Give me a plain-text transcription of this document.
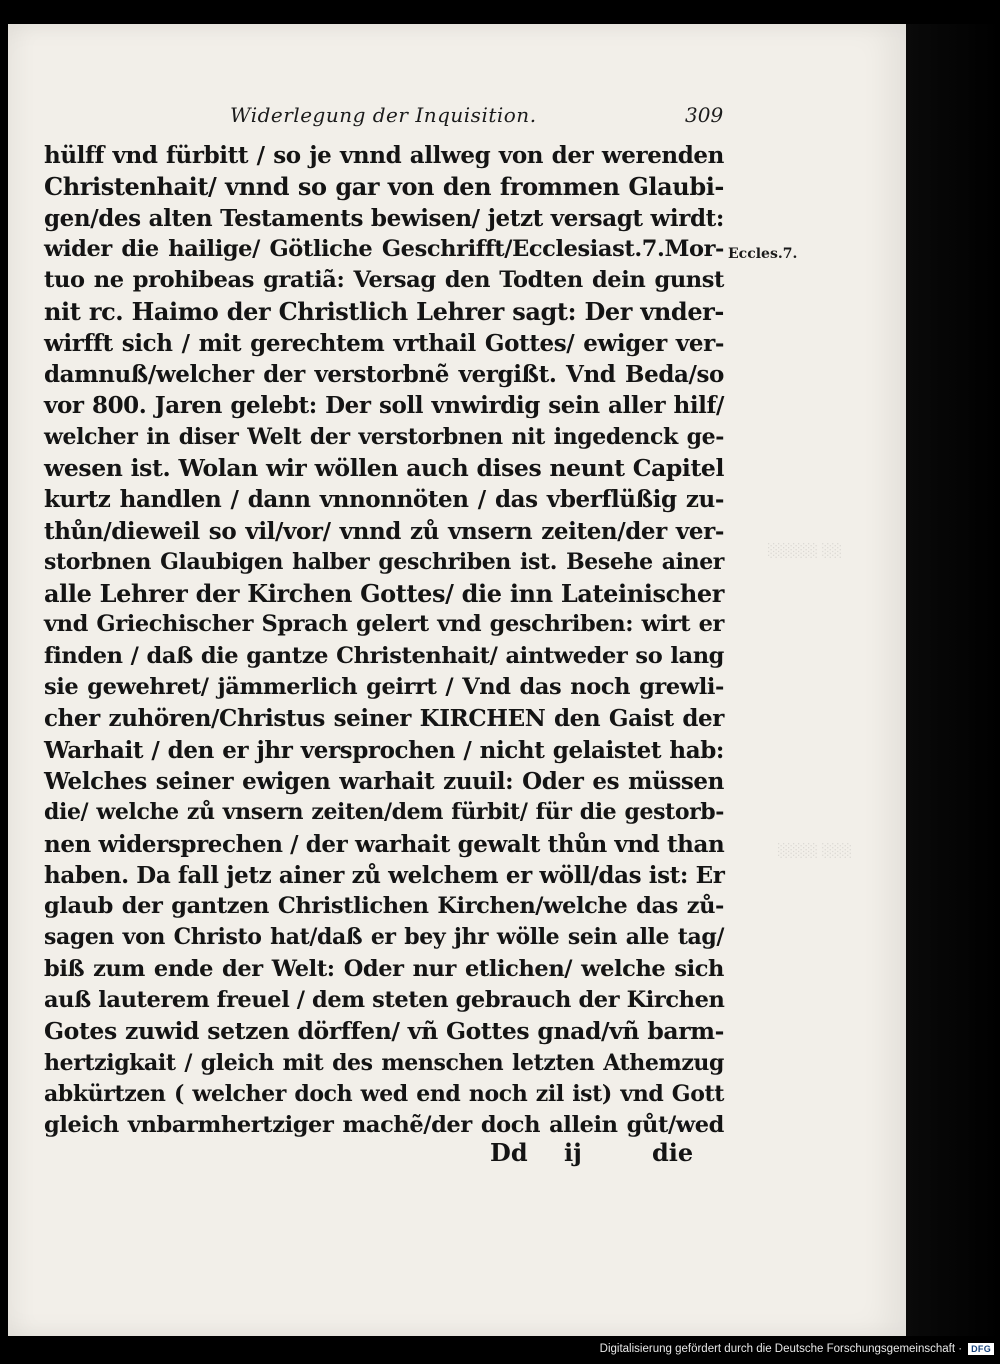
░░░░░ ░░
░░░░ ░░░
Widerlegung der Inquisition.	309
hülff vnd fürbitt / so je vnnd allweg von der werenden
Christenhait/ vnnd so gar von den frommen Glaubi-
gen/des alten Testaments bewisen/ jetzt versagt wirdt:
wider die hailige/ Götliche Geschrifft/Ecclesiast.7.Mor-
tuo ne prohibeas gratiã: Versag den Todten dein gunst
nit rc. Haimo der Christlich Lehrer sagt: Der vnder-
wirfft sich / mit gerechtem vrthail Gottes/ ewiger ver-
damnuß/welcher der verstorbnẽ vergißt. Vnd Beda/so
vor 800. Jaren gelebt: Der soll vnwirdig sein aller hilf/
welcher in diser Welt der verstorbnen nit ingedenck ge-
wesen ist. Wolan wir wöllen auch dises neunt Capitel
kurtz handlen / dann vnnonnöten / das vberflüßig zu-
thůn/dieweil so vil/vor/ vnnd zů vnsern zeiten/der ver-
storbnen Glaubigen halber geschriben ist. Besehe ainer
alle Lehrer der Kirchen Gottes/ die inn Lateinischer
vnd Griechischer Sprach gelert vnd geschriben: wirt er
finden / daß die gantze Christenhait/ aintweder so lang
sie gewehret/ jämmerlich geirrt / Vnd das noch grewli-
cher zuhören/Christus seiner KIRCHEN den Gaist der
Warhait / den er jhr versprochen / nicht gelaistet hab:
Welches seiner ewigen warhait zuuil: Oder es müssen
die/ welche zů vnsern zeiten/dem fürbit/ für die gestorb-
nen widersprechen / der warhait gewalt thůn vnd than
haben. Da fall jetz ainer zů welchem er wöll/das ist: Er
glaub der gantzen Christlichen Kirchen/welche das zů-
sagen von Christo hat/daß er bey jhr wölle sein alle tag/
biß zum ende der Welt: Oder nur etlichen/ welche sich
auß lauterem freuel / dem steten gebrauch der Kirchen
Gotes zuwid setzen dörffen/ vñ Gottes gnad/vñ barm-
hertzigkait / gleich mit des menschen letzten Athemzug
abkürtzen ( welcher doch wed end noch zil ist) vnd Gott
gleich vnbarmhertziger machẽ/der doch allein gůt/wed
Eccles.7.
Dd ij	die
Digitalisierung gefördert durch die Deutsche Forschungsgemeinschaft ·	DFG
